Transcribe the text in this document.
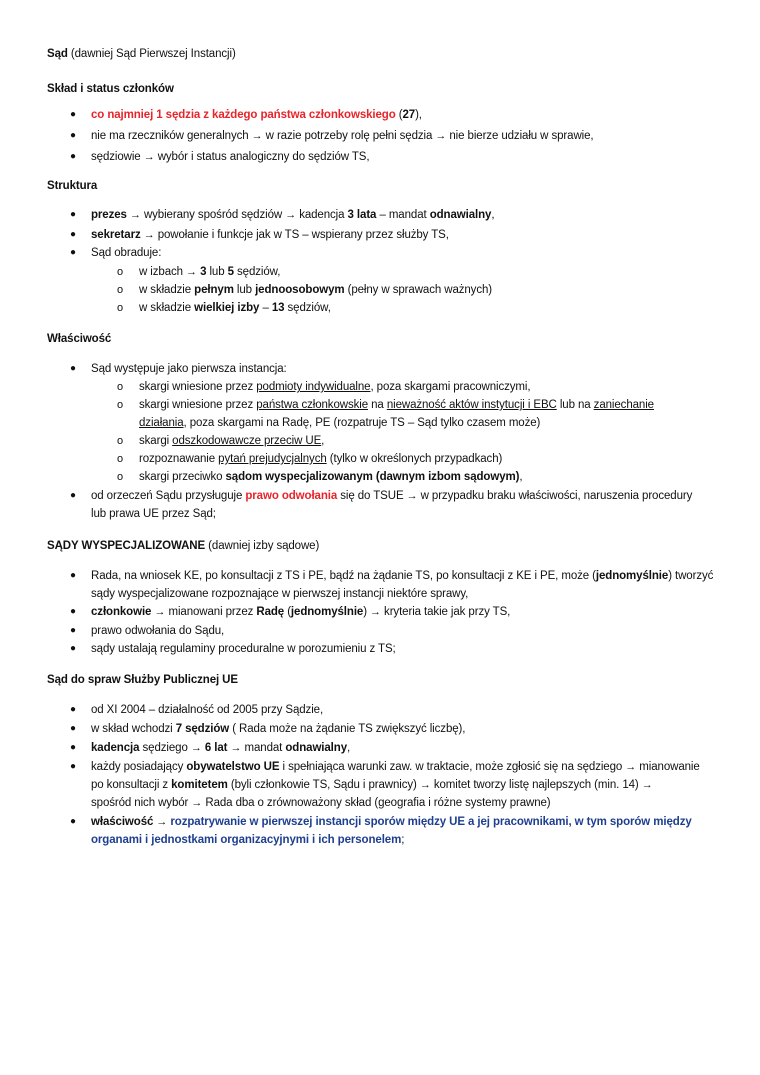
Sąd (dawniej Sąd Pierwszej Instancji)
Skład i status członków
● co najmniej 1 sędzia z każdego państwa członkowskiego (27),
● nie ma rzeczników generalnych → w razie potrzeby rolę pełni sędzia → nie bierze udziału w sprawie,
● sędziowie → wybór i status analogiczny do sędziów TS,
Struktura
● prezes → wybierany spośród sędziów → kadencja 3 lata – mandat odnawialny,
● sekretarz → powołanie i funkcje jak w TS – wspierany przez służby TS,
● Sąd obraduje:
o w izbach → 3 lub 5 sędziów,
o w składzie pełnym lub jednoosobowym (pełny w sprawach ważnych)
o w składzie wielkiej izby – 13 sędziów,
Właściwość
● Sąd występuje jako pierwsza instancja:
o skargi wniesione przez podmioty indywidualne, poza skargami pracowniczymi,
o skargi wniesione przez państwa członkowskie na nieważność aktów instytucji i EBC lub na zaniechanie
działania, poza skargami na Radę, PE (rozpatruje TS – Sąd tylko czasem może)
o skargi odszkodowawcze przeciw UE,
o rozpoznawanie pytań prejudycjalnych (tylko w określonych przypadkach)
o skargi przeciwko sądom wyspecjalizowanym (dawnym izbom sądowym),
● od orzeczeń Sądu przysługuje prawo odwołania się do TSUE → w przypadku braku właściwości, naruszenia procedury
lub prawa UE przez Sąd;
SĄDY WYSPECJALIZOWANE (dawniej izby sądowe)
● Rada, na wniosek KE, po konsultacji z TS i PE, bądź na żądanie TS, po konsultacji z KE i PE, może (jednomyślnie) tworzyć
sądy wyspecjalizowane rozpoznające w pierwszej instancji niektóre sprawy,
● członkowie → mianowani przez Radę (jednomyślnie) → kryteria takie jak przy TS,
● prawo odwołania do Sądu,
● sądy ustalają regulaminy proceduralne w porozumieniu z TS;
Sąd do spraw Służby Publicznej UE
● od XI 2004 – działalność od 2005 przy Sądzie,
● w skład wchodzi 7 sędziów ( Rada może na żądanie TS zwiększyć liczbę),
● kadencja sędziego → 6 lat → mandat odnawialny,
● każdy posiadający obywatelstwo UE i spełniająca warunki zaw. w traktacie, może zgłosić się na sędziego → mianowanie
po konsultacji z komitetem (byli członkowie TS, Sądu i prawnicy) → komitet tworzy listę najlepszych (min. 14) →
spośród nich wybór → Rada dba o zrównoważony skład (geografia i różne systemy prawne)
● właściwość → rozpatrywanie w pierwszej instancji sporów między UE a jej pracownikami, w tym sporów między
organami i jednostkami organizacyjnymi i ich personelem;
